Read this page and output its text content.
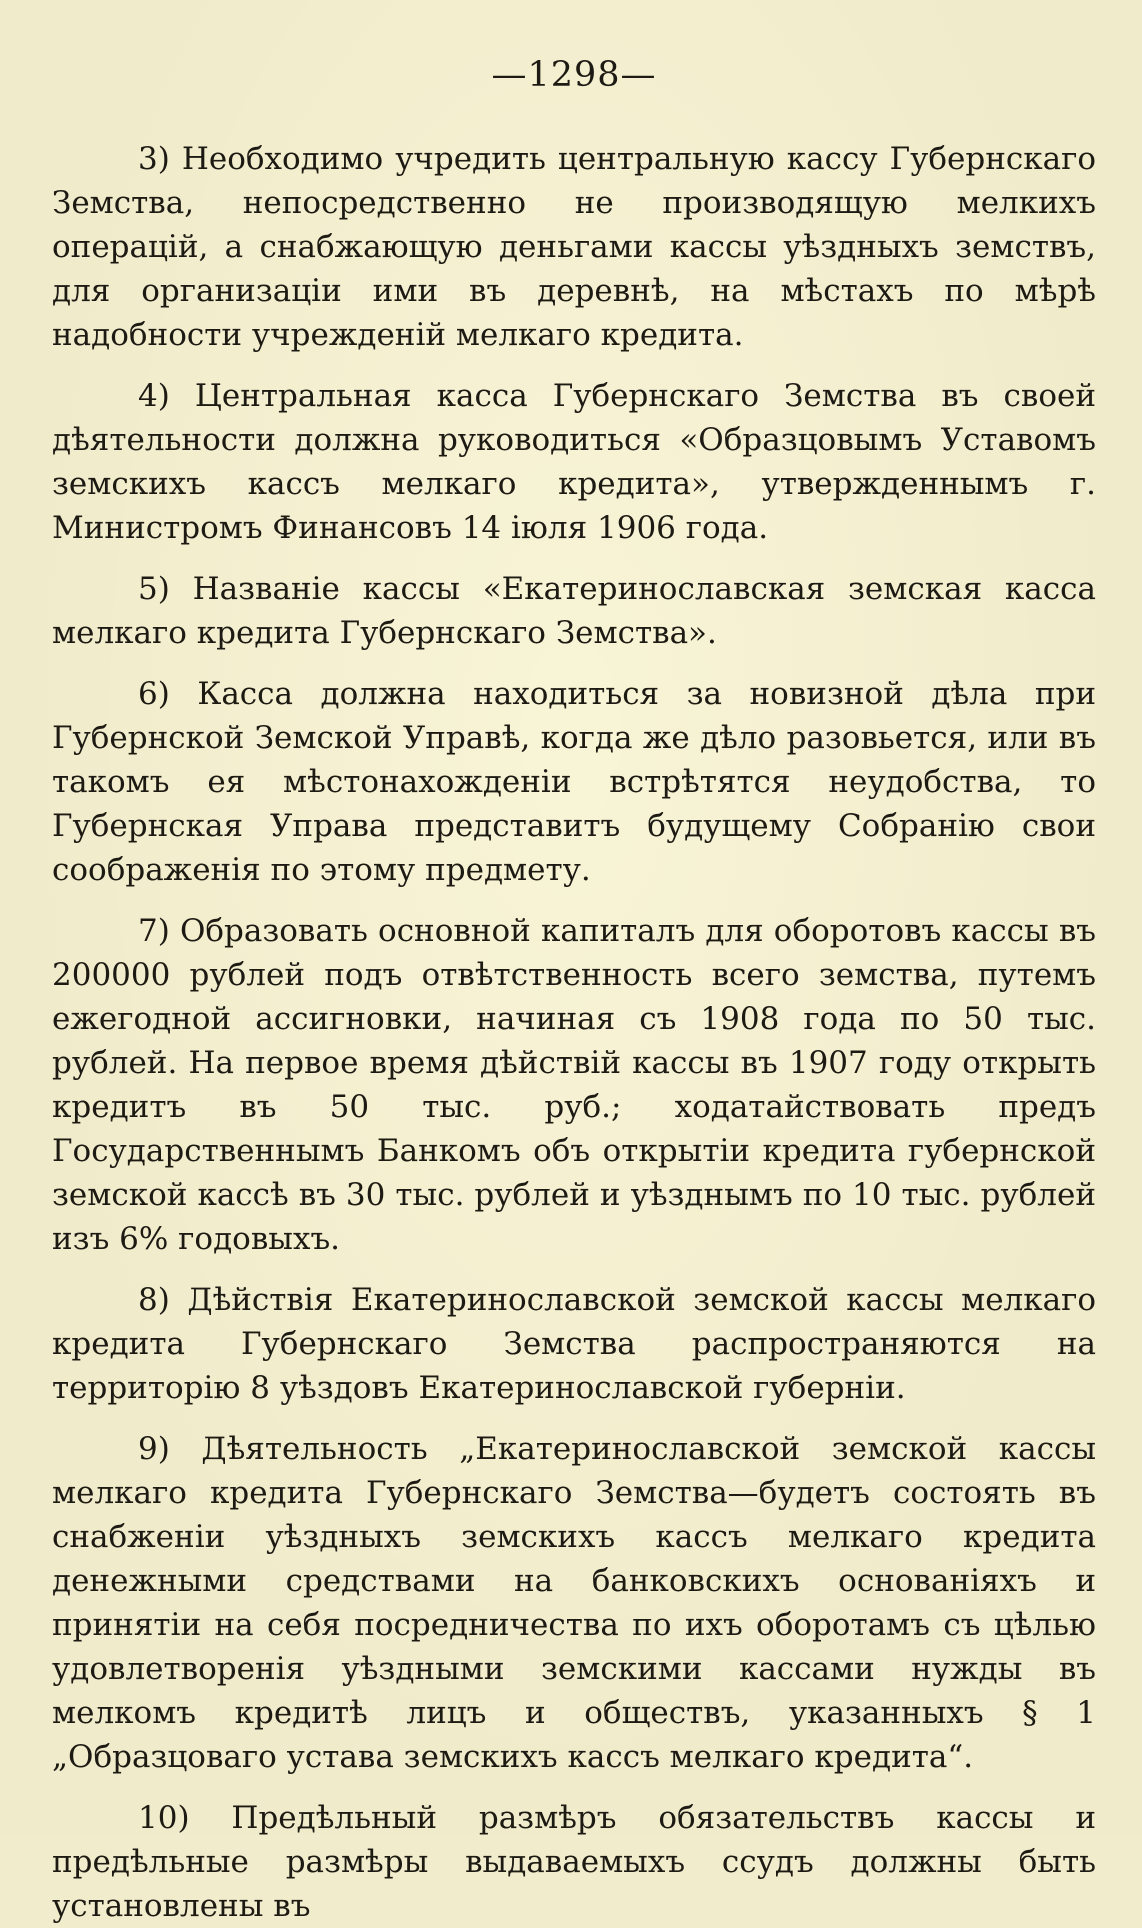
—1298—

3) Необходимо учредить центральную кассу Губернскаго Земства, непосредственно не производящую мелкихъ операцій, а снабжающую деньгами кассы уѣздныхъ земствъ, для организаціи ими въ деревнѣ, на мѣстахъ по мѣрѣ надобности учрежденій мелкаго кредита.

4) Центральная касса Губернскаго Земства въ своей дѣятельности должна руководиться «Образцовымъ Уставомъ земскихъ кассъ мелкаго кредита», утвержденнымъ г. Министромъ Финансовъ 14 іюля 1906 года.

5) Названіе кассы «Екатеринославская земская касса мелкаго кредита Губернскаго Земства».

6) Касса должна находиться за новизной дѣла при Губернской Земской Управѣ, когда же дѣло разовьется, или въ такомъ ея мѣстонахожденіи встрѣтятся неудобства, то Губернская Управа представитъ будущему Собранію свои соображенія по этому предмету.

7) Образовать основной капиталъ для оборотовъ кассы въ 200000 рублей подъ отвѣтственность всего земства, путемъ ежегодной ассигновки, начиная съ 1908 года по 50 тыс. рублей. На первое время дѣйствій кассы въ 1907 году открыть кредитъ въ 50 тыс. руб.; ходатайствовать предъ Государственнымъ Банкомъ объ открытіи кредита губернской земской кассѣ въ 30 тыс. рублей и уѣзднымъ по 10 тыс. рублей изъ 6% годовыхъ.

8) Дѣйствія Екатеринославской земской кассы мелкаго кредита Губернскаго Земства распространяются на территорію 8 уѣздовъ Екатеринославской губерніи.

9) Дѣятельность „Екатеринославской земской кассы мелкаго кредита Губернскаго Земства—будетъ состоять въ снабженіи уѣздныхъ земскихъ кассъ мелкаго кредита денежными средствами на банковскихъ основаніяхъ и принятіи на себя посредничества по ихъ оборотамъ съ цѣлью удовлетворенія уѣздными земскими кассами нужды въ мелкомъ кредитѣ лицъ и обществъ, указанныхъ § 1 „Образцоваго устава земскихъ кассъ мелкаго кредита“.

10) Предѣльный размѣръ обязательствъ кассы и предѣльные размѣры выдаваемыхъ ссудъ должны быть установлены въ
